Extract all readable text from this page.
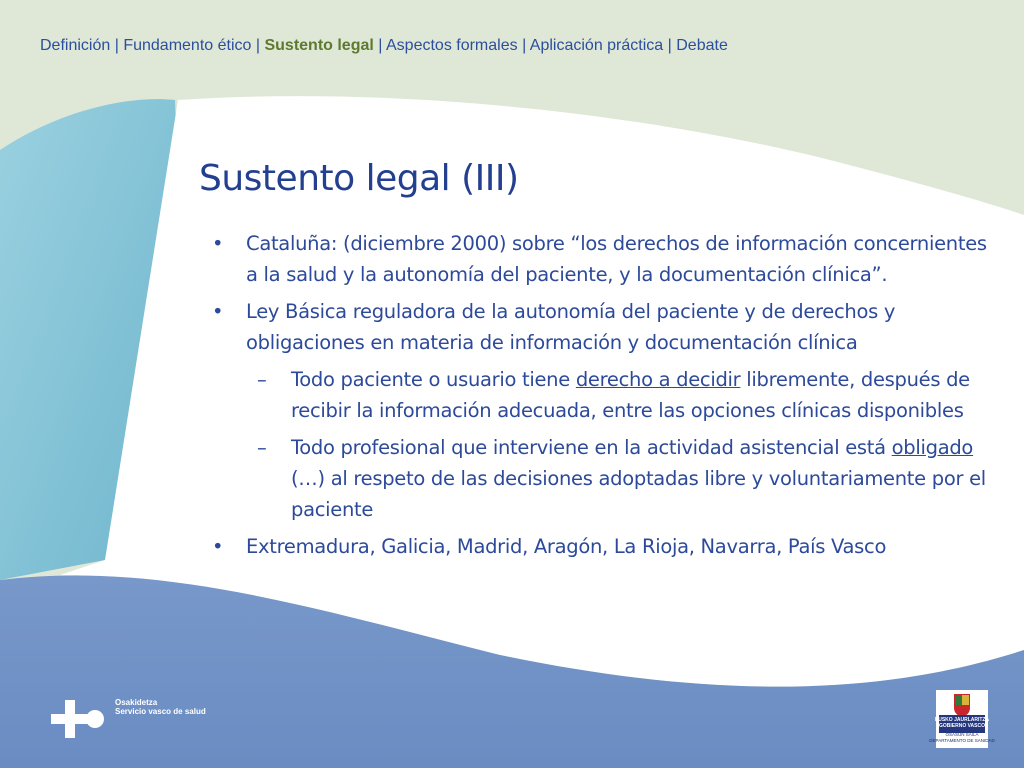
Definición | Fundamento ético | Sustento legal | Aspectos formales | Aplicación práctica | Debate
Sustento legal (III)
• Cataluña: (diciembre 2000) sobre “los derechos de información concernientes a la salud y la autonomía del paciente, y la documentación clínica”.
• Ley Básica reguladora de la autonomía del paciente y de derechos y obligaciones en materia de información y documentación clínica
– Todo paciente o usuario tiene derecho a decidir libremente, después de recibir la información adecuada, entre las opciones clínicas disponibles
– Todo profesional que interviene en la actividad asistencial está obligado (…) al respeto de las decisiones adoptadas libre y voluntariamente por el paciente
• Extremadura, Galicia, Madrid, Aragón, La Rioja, Navarra, País Vasco
Osakidetza
Servicio vasco de salud
EUSKO JAURLARITZA
GOBIERNO VASCO
OSASUN SAILA
DEPARTAMENTO DE SANIDAD
